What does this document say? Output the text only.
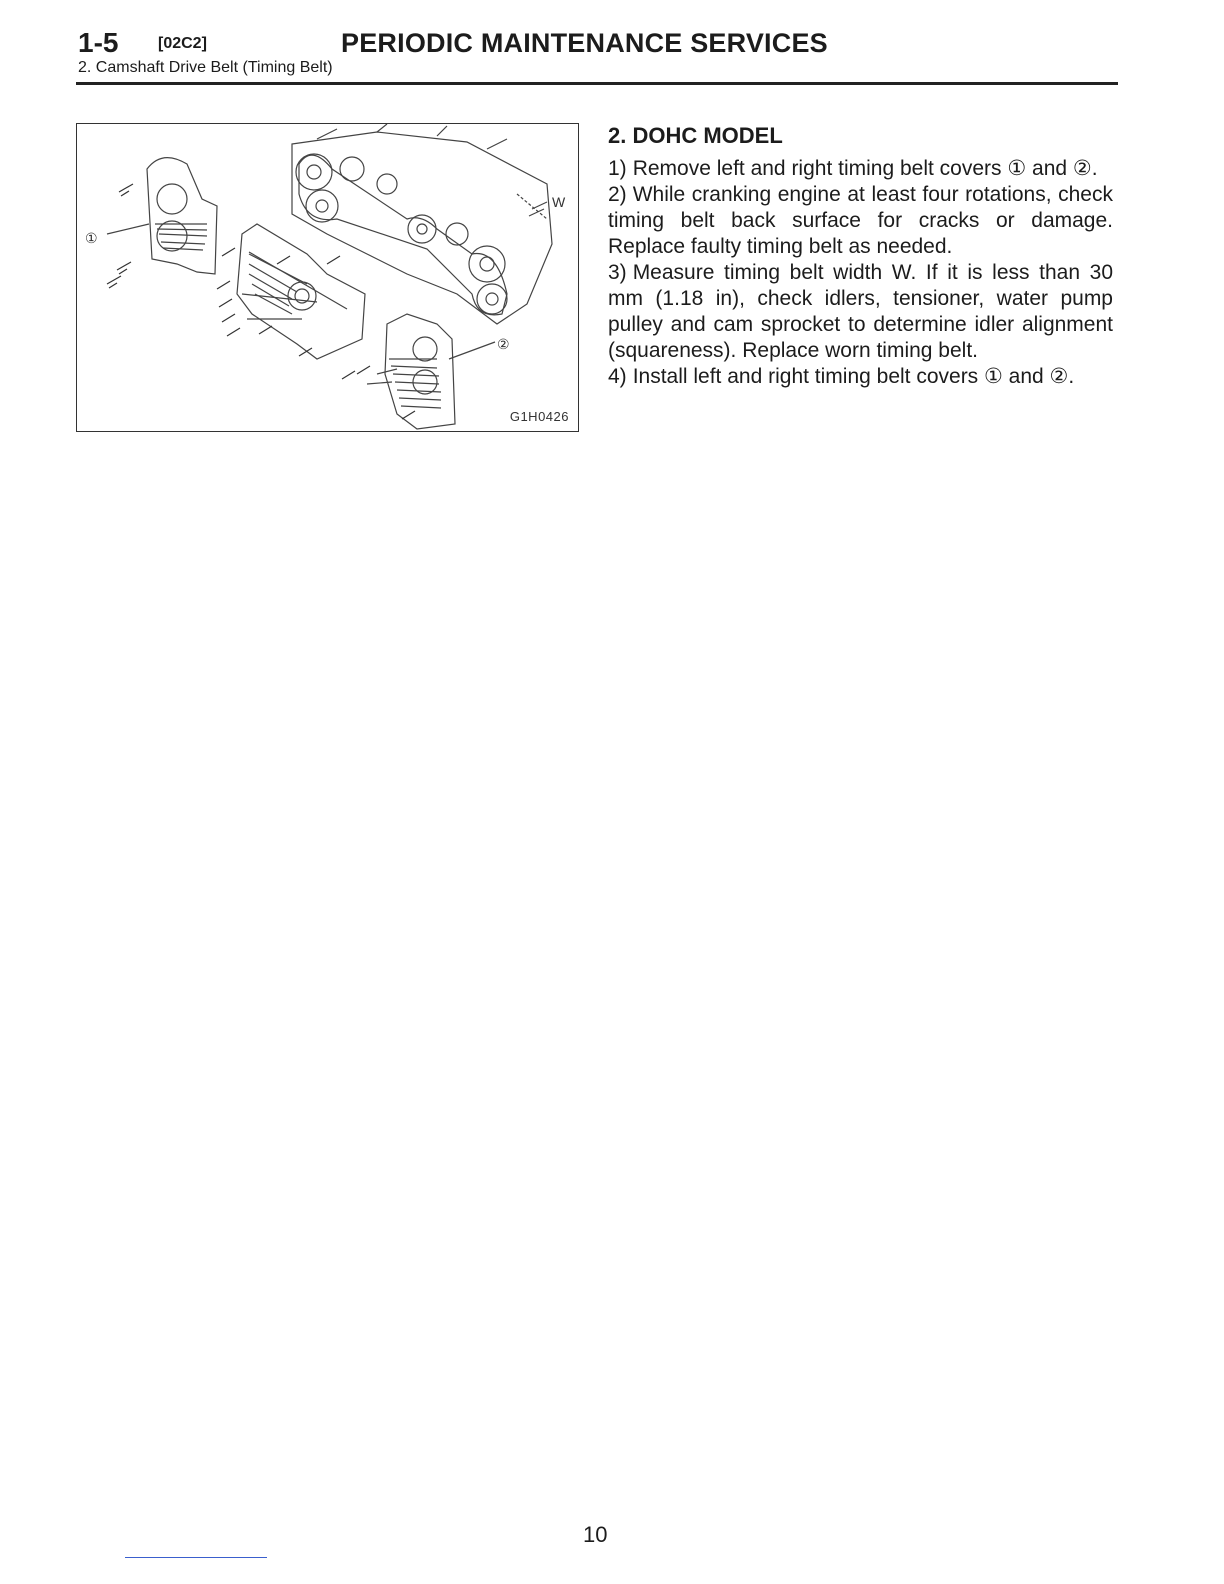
1-5 [02C2]	PERIODIC MAINTENANCE SERVICES
2. Camshaft Drive Belt (Timing Belt)
W
①
②
G1H0426

2. DOHC MODEL

1) Remove left and right timing belt covers ① and ②.

2) While cranking engine at least four rotations, check timing belt back surface for cracks or damage. Replace faulty timing belt as needed.

3) Measure timing belt width W. If it is less than 30 mm (1.18 in), check idlers, tensioner, water pump pulley and cam sprocket to determine idler alignment (squareness). Replace worn timing belt.

4) Install left and right timing belt covers ① and ②.

10
